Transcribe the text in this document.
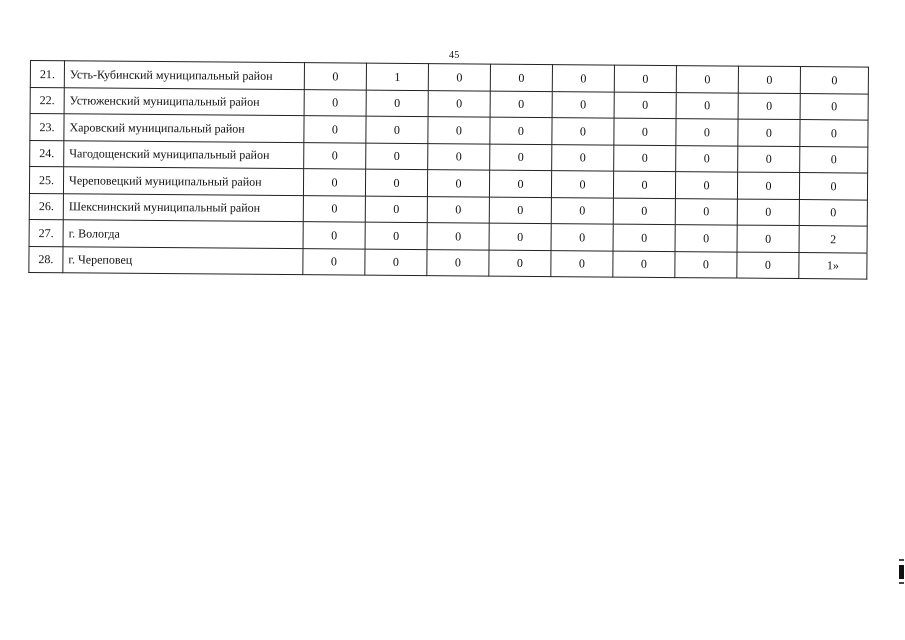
45
21.	Усть-Кубинский муниципальный район	0	1	0	0	0	0	0	0	0
22.	Устюженский муниципальный район	0	0	0	0	0	0	0	0	0
23.	Харовский муниципальный район	0	0	0	0	0	0	0	0	0
24.	Чагодощенский муниципальный район	0	0	0	0	0	0	0	0	0
25.	Череповецкий муниципальный район	0	0	0	0	0	0	0	0	0
26.	Шекснинский муниципальный район	0	0	0	0	0	0	0	0	0
27.	г. Вологда	0	0	0	0	0	0	0	0	2
28.	г. Череповец	0	0	0	0	0	0	0	0	1»
